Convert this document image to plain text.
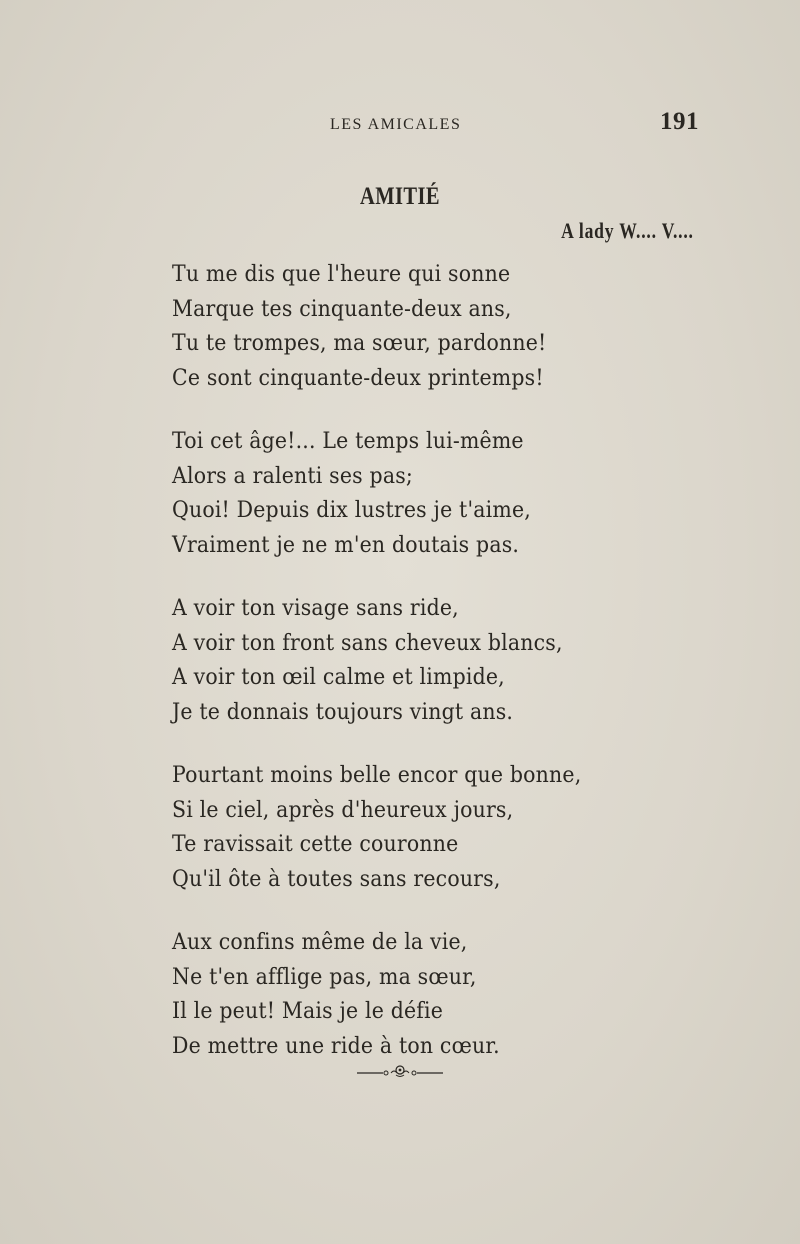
LES AMICALES	191
AMITIÉ
A lady W.... V....
Tu me dis que l'heure qui sonne
Marque tes cinquante-deux ans,
Tu te trompes, ma sœur, pardonne!
Ce sont cinquante-deux printemps!
Toi cet âge!... Le temps lui-même
Alors a ralenti ses pas;
Quoi! Depuis dix lustres je t'aime,
Vraiment je ne m'en doutais pas.
A voir ton visage sans ride,
A voir ton front sans cheveux blancs,
A voir ton œil calme et limpide,
Je te donnais toujours vingt ans.
Pourtant moins belle encor que bonne,
Si le ciel, après d'heureux jours,
Te ravissait cette couronne
Qu'il ôte à toutes sans recours,
Aux confins même de la vie,
Ne t'en afflige pas, ma sœur,
Il le peut! Mais je le défie
De mettre une ride à ton cœur.
